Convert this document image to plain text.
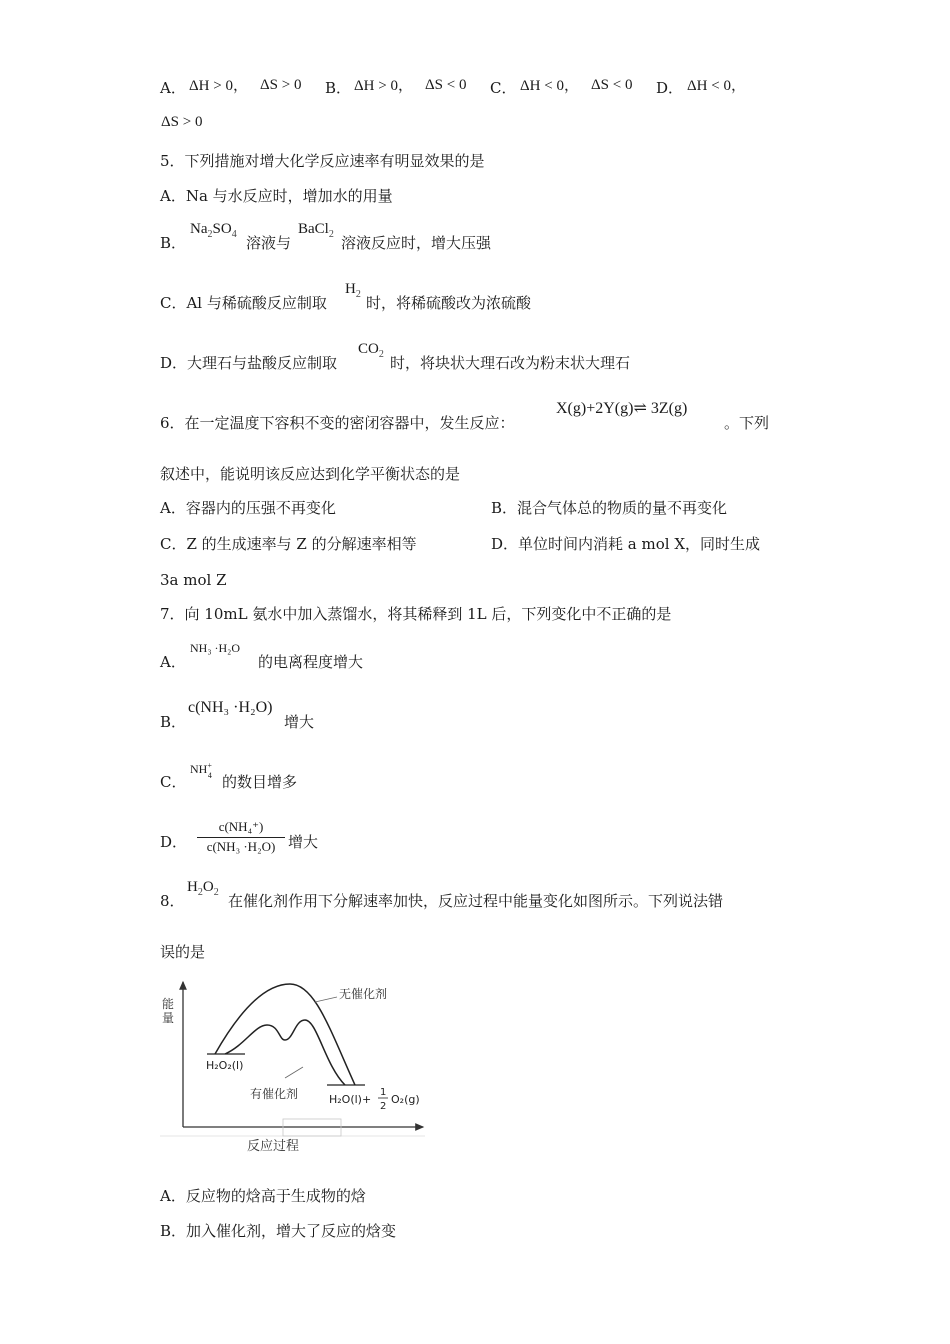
A． ΔH > 0， ΔS > 0 B． ΔH > 0， ΔS < 0 C． ΔH < 0， ΔS < 0 D． ΔH < 0，
ΔS > 0
5．下列措施对增大化学反应速率有明显效果的是
A．Na 与水反应时，增加水的用量
B．
$Na_2SO_4$ 溶液与
BaCl$_2$ 溶液反应时，增大压强
C．Al 与稀硫酸反应制取
$H_2$ 时，将稀硫酸改为浓硫酸
D．大理石与盐酸反应制取
$CO_2$ 时，将块状大理石改为粉末状大理石
6．在一定温度下容积不变的密闭容器中，发生反应：
X(g)+2Y(g)⇌ 3Z(g)
。下列
叙述中，能说明该反应达到化学平衡状态的是
A．容器内的压强不再变化	B．混合气体总的物质的量不再变化
C．Z 的生成速率与 Z 的分解速率相等	D．单位时间内消耗 a mol X，同时生成
3a mol Z
7．向 10mL 氨水中加入蒸馏水，将其稀释到 1L 后，下列变化中不正确的是
A．
NH₃ ·H₂O
的电离程度增大
B．
c(NH₃ ·H₂O)
增大
C．
$NH^+_4$ 的数目增多
D． $\frac{\text{c(NH₄⁺)}}{\text{c(NH₃ ·H₂O)}}$ 增大
8．
$H_2O_2$ 在催化剂作用下分解速率加快，反应过程中能量变化如图所示。下列说法错
误的是
能
量
无催化剂
有催化剂
H₂O₂(l)
H₂O(l)+
1
2
O₂(g)
反应过程
A．反应物的焓高于生成物的焓
B．加入催化剂，增大了反应的焓变
